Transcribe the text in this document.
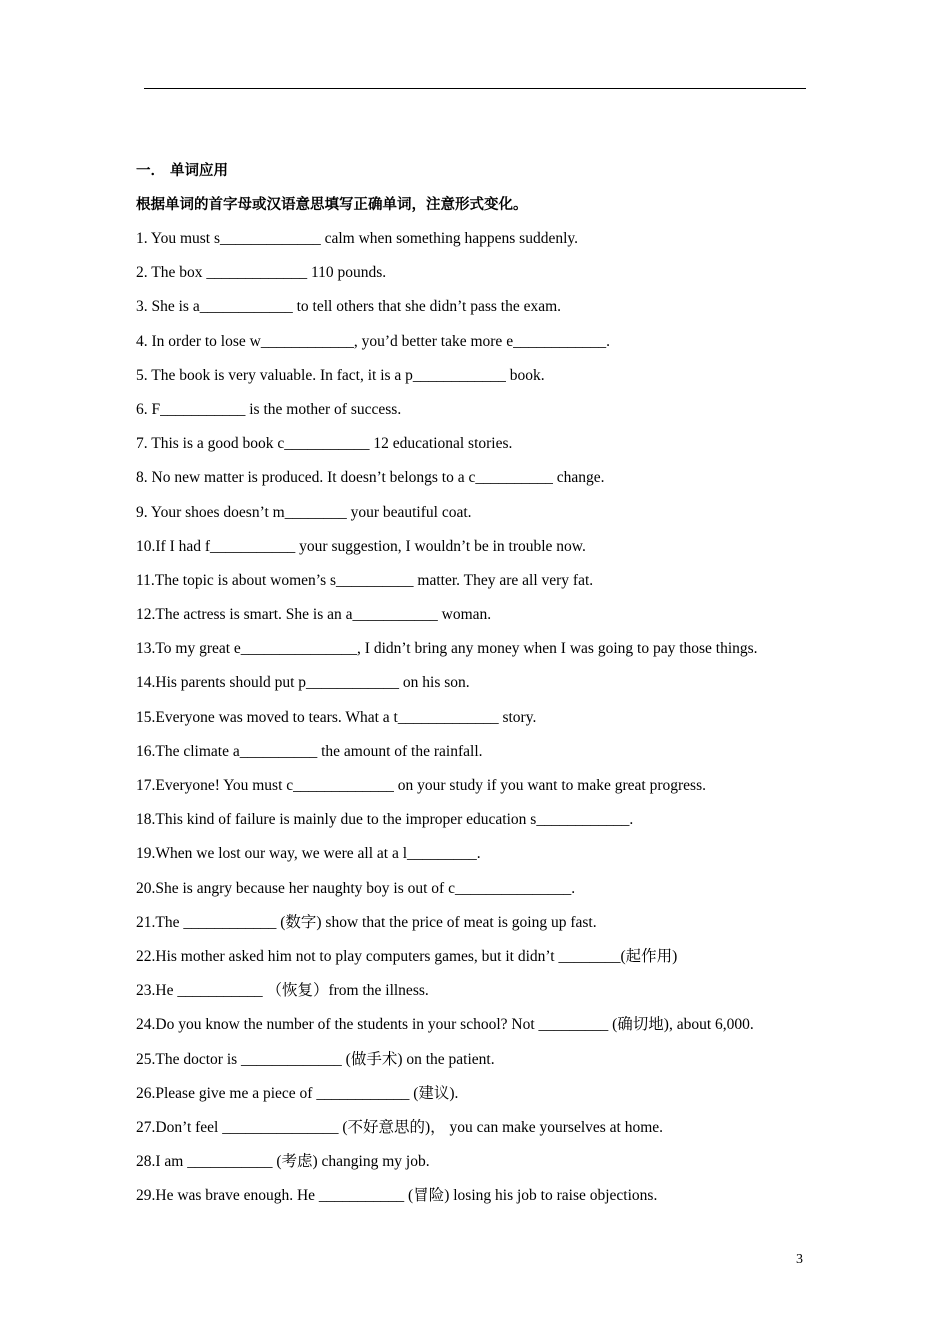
一． 单词应用
根据单词的首字母或汉语意思填写正确单词，注意形式变化。
1. You must s_____________ calm when something happens suddenly.
2. The box _____________ 110 pounds.
3. She is a____________ to tell others that she didn’t pass the exam.
4. In order to lose w____________, you’d better take more e____________.
5. The book is very valuable. In fact, it is a p____________ book.
6. F___________ is the mother of success.
7. This is a good book c___________ 12 educational stories.
8. No new matter is produced. It doesn’t belongs to a c__________ change.
9. Your shoes doesn’t m________ your beautiful coat.
10.If I had f___________ your suggestion, I wouldn’t be in trouble now.
11.The topic is about women’s s__________ matter. They are all very fat.
12.The actress is smart. She is an a___________ woman.
13.To my great e_______________, I didn’t bring any money when I was going to pay those things.
14.His parents should put p____________ on his son.
15.Everyone was moved to tears. What a t_____________ story.
16.The climate a__________ the amount of the rainfall.
17.Everyone! You must c_____________ on your study if you want to make great progress.
18.This kind of failure is mainly due to the improper education s____________.
19.When we lost our way, we were all at a l_________.
20.She is angry because her naughty boy is out of c_______________.
21.The ____________ (数字) show that the price of meat is going up fast.
22.His mother asked him not to play computers games, but it didn’t ________(起作用)
23.He ___________ （恢复）from the illness.
24.Do you know the number of the students in your school? Not _________ (确切地), about 6,000.
25.The doctor is _____________ (做手术) on the patient.
26.Please give me a piece of ____________ (建议).
27.Don’t feel _______________ (不好意思的)， you can make yourselves at home.
28.I am ___________ (考虑) changing my job.
29.He was brave enough. He ___________ (冒险) losing his job to raise objections.
3
